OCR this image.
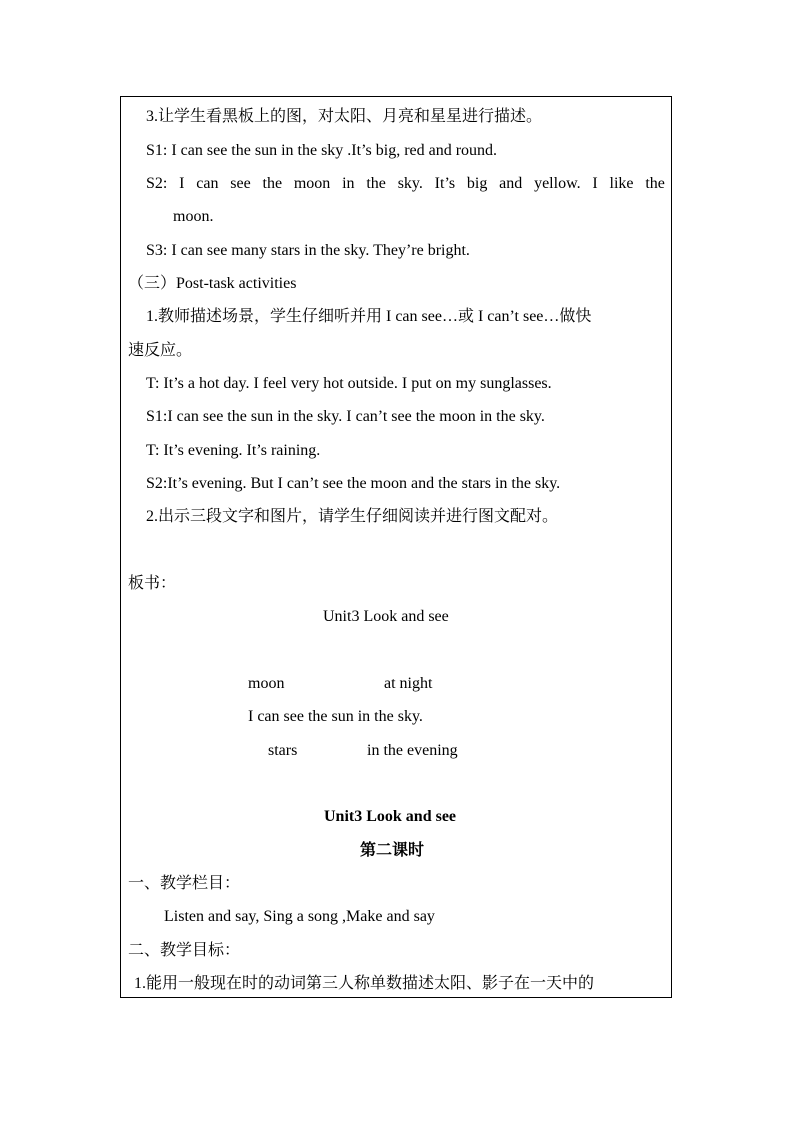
3.让学生看黑板上的图，对太阳、月亮和星星进行描述。
S1: I can see the sun in the sky .It’s big, red and round.
S2: I can see the moon in the sky. It’s big and yellow. I like the
moon.
S3: I can see many stars in the sky. They’re bright.
（三）Post-task activities
1.教师描述场景，学生仔细听并用 I can see…或 I can’t see…做快
速反应。
T: It’s a hot day. I feel very hot outside. I put on my sunglasses.
S1:I can see the sun in the sky. I can’t see the moon in the sky.
T: It’s evening. It’s raining.
S2:It’s evening. But I can’t see the moon and the stars in the sky.
2.出示三段文字和图片，请学生仔细阅读并进行图文配对。
板书：
Unit3 Look and see
moon	at night
I can see the sun in the sky.
stars	in the evening
Unit3 Look and see
第二课时
一、教学栏目：
Listen and say, Sing a song ,Make and say
二、教学目标：
1.能用一般现在时的动词第三人称单数描述太阳、影子在一天中的
